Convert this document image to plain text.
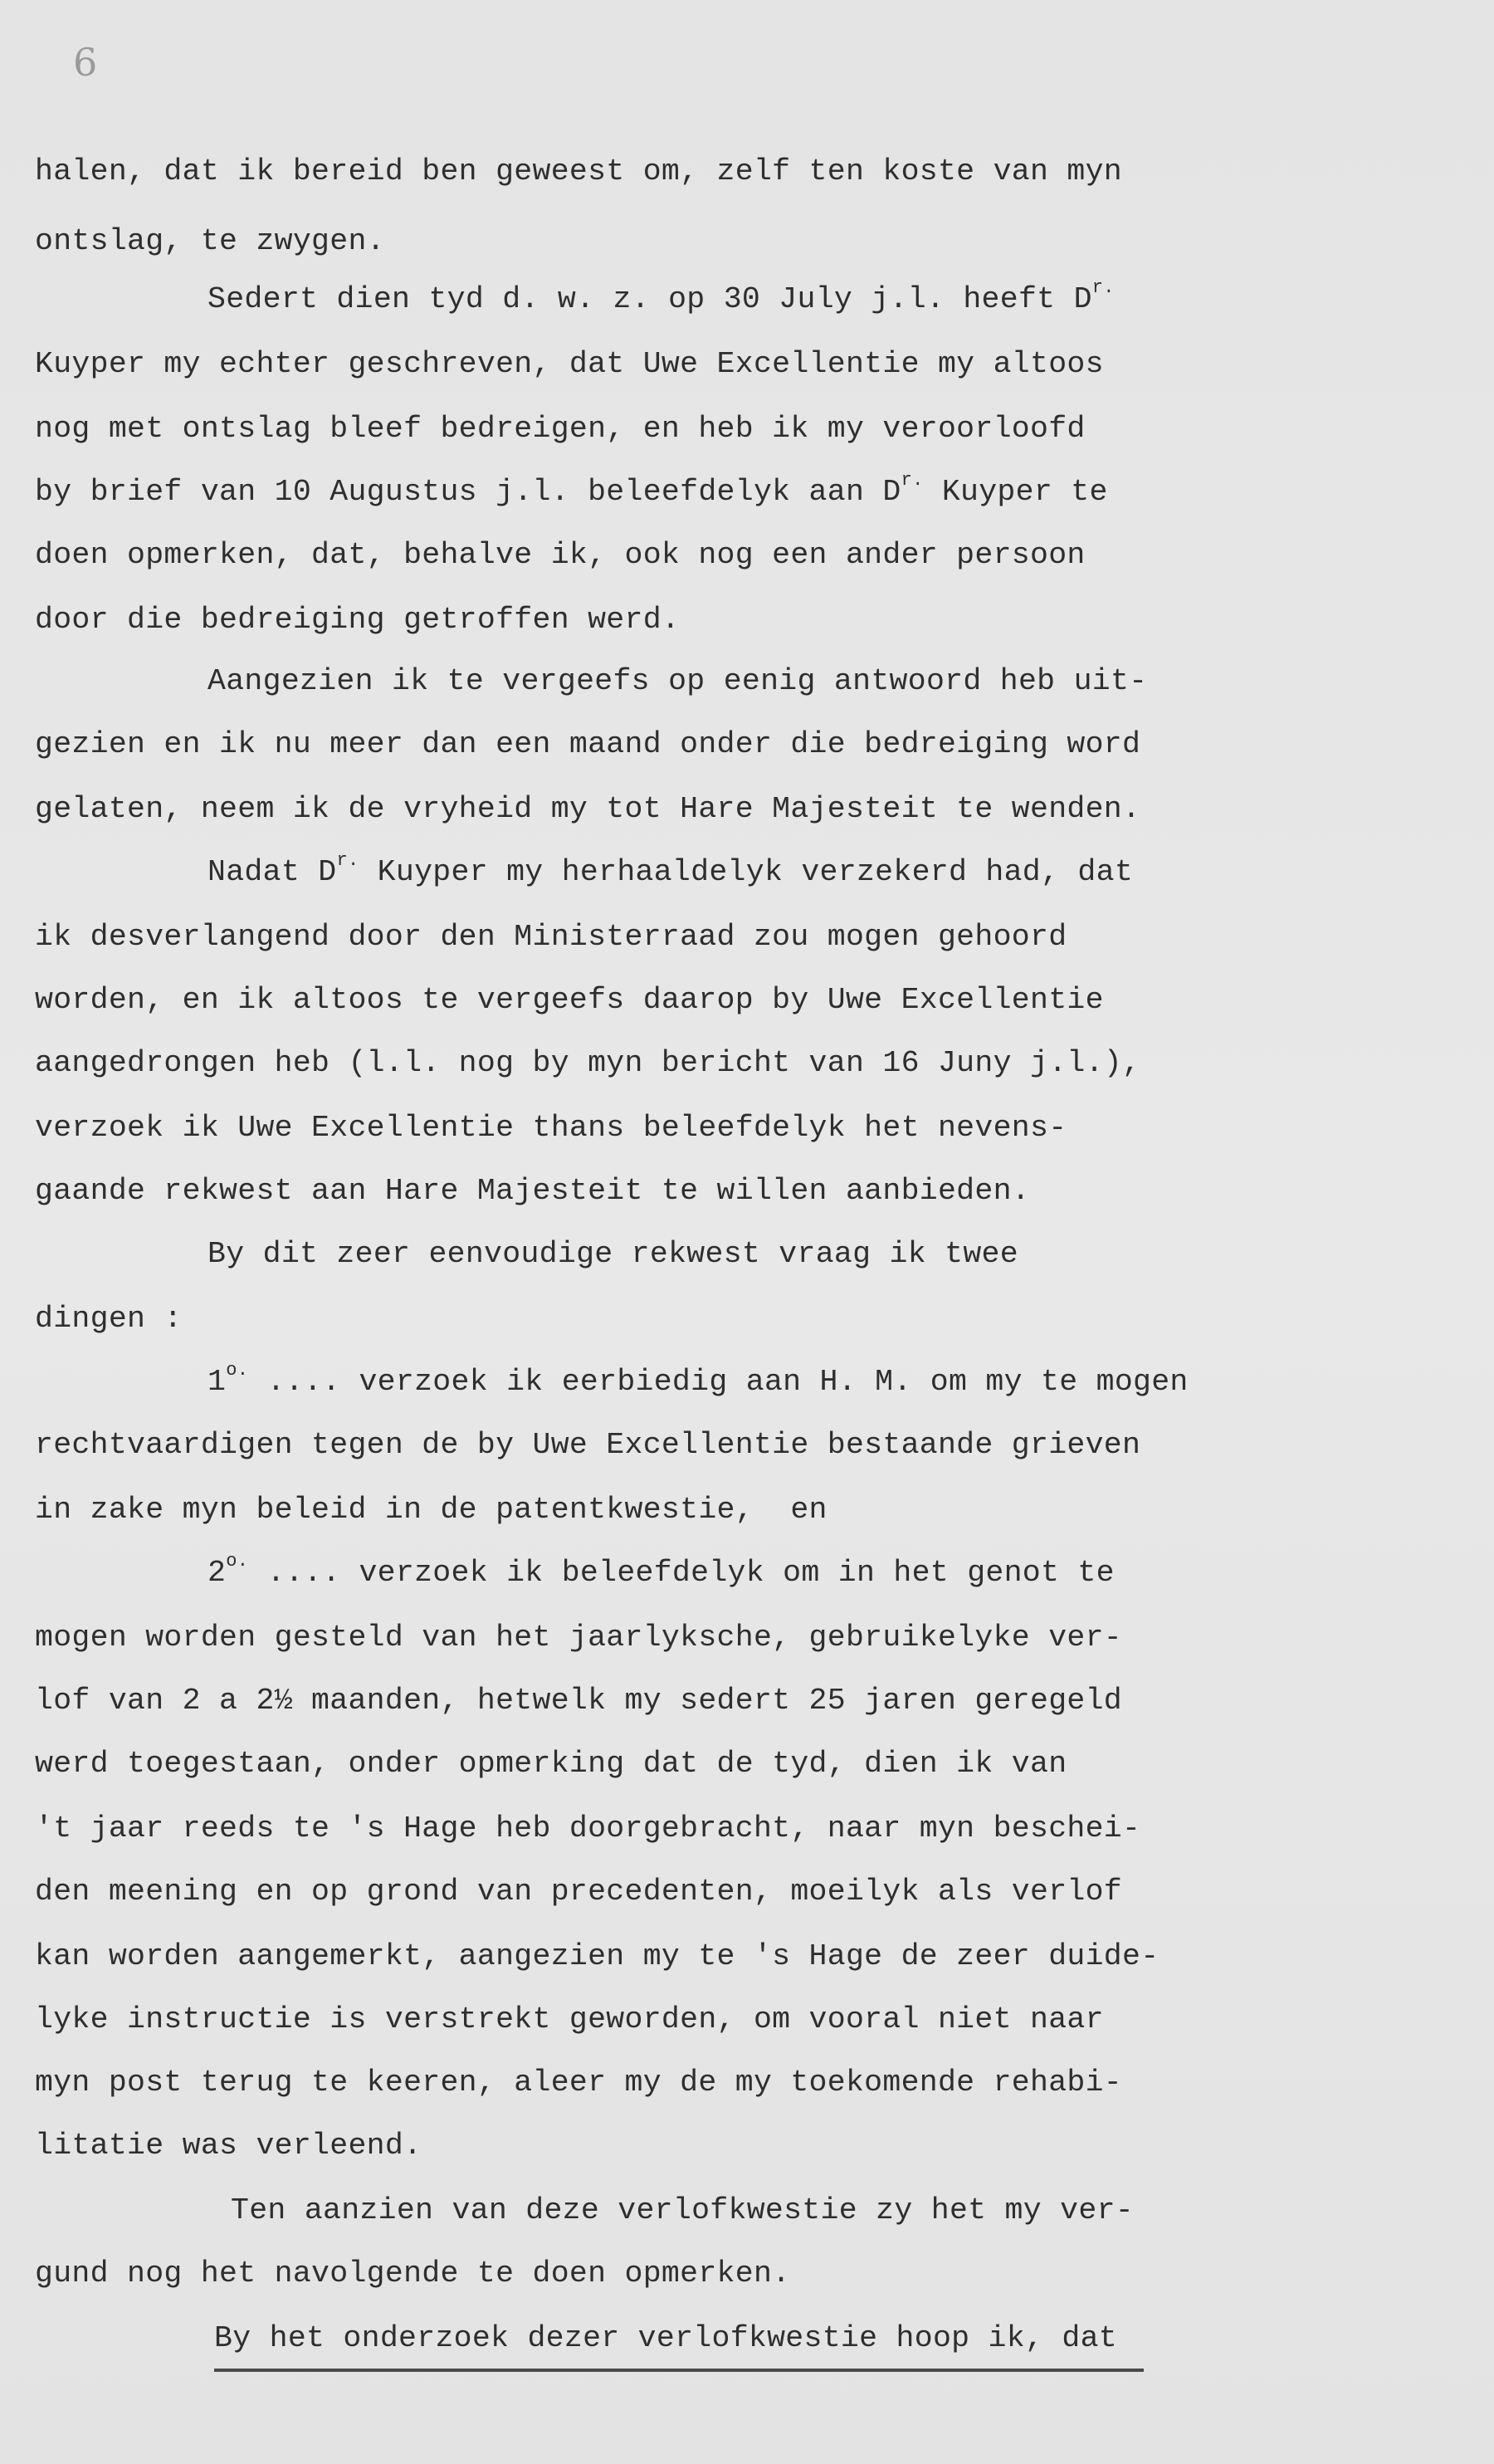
6
halen, dat ik bereid ben geweest om, zelf ten koste van myn
ontslag, te zwygen.
Sedert dien tyd d. w. z. op 30 July j.l. heeft $D^{r.}$
Kuyper my echter geschreven, dat Uwe Excellentie my altoos
nog met ontslag bleef bedreigen, en heb ik my veroorloofd
by brief van 10 Augustus j.l. beleefdelyk aan $D^{r.}$ Kuyper te
doen opmerken, dat, behalve ik, ook nog een ander persoon
door die bedreiging getroffen werd.
Aangezien ik te vergeefs op eenig antwoord heb uit-
gezien en ik nu meer dan een maand onder die bedreiging word
gelaten, neem ik de vryheid my tot Hare Majesteit te wenden.
Nadat $D^{r.}$ Kuyper my herhaaldelyk verzekerd had, dat
ik desverlangend door den Ministerraad zou mogen gehoord
worden, en ik altoos te vergeefs daarop by Uwe Excellentie
aangedrongen heb (l.l. nog by myn bericht van 16 Juny j.l.),
verzoek ik Uwe Excellentie thans beleefdelyk het nevens-
gaande rekwest aan Hare Majesteit te willen aanbieden.
By dit zeer eenvoudige rekwest vraag ik twee
dingen :
$1^{o.}$ .... verzoek ik eerbiedig aan H. M. om my te mogen
rechtvaardigen tegen de by Uwe Excellentie bestaande grieven
in zake myn beleid in de patentkwestie,  en
$2^{o.}$ .... verzoek ik beleefdelyk om in het genot te
mogen worden gesteld van het jaarlyksche, gebruikelyke ver-
lof van 2 a 2½ maanden, hetwelk my sedert 25 jaren geregeld
werd toegestaan, onder opmerking dat de tyd, dien ik van
't jaar reeds te 's Hage heb doorgebracht, naar myn beschei-
den meening en op grond van precedenten, moeilyk als verlof
kan worden aangemerkt, aangezien my te 's Hage de zeer duide-
lyke instructie is verstrekt geworden, om vooral niet naar
myn post terug te keeren, aleer my de my toekomende rehabi-
litatie was verleend.
Ten aanzien van deze verlofkwestie zy het my ver-
gund nog het navolgende te doen opmerken.
By het onderzoek dezer verlofkwestie hoop ik, dat
